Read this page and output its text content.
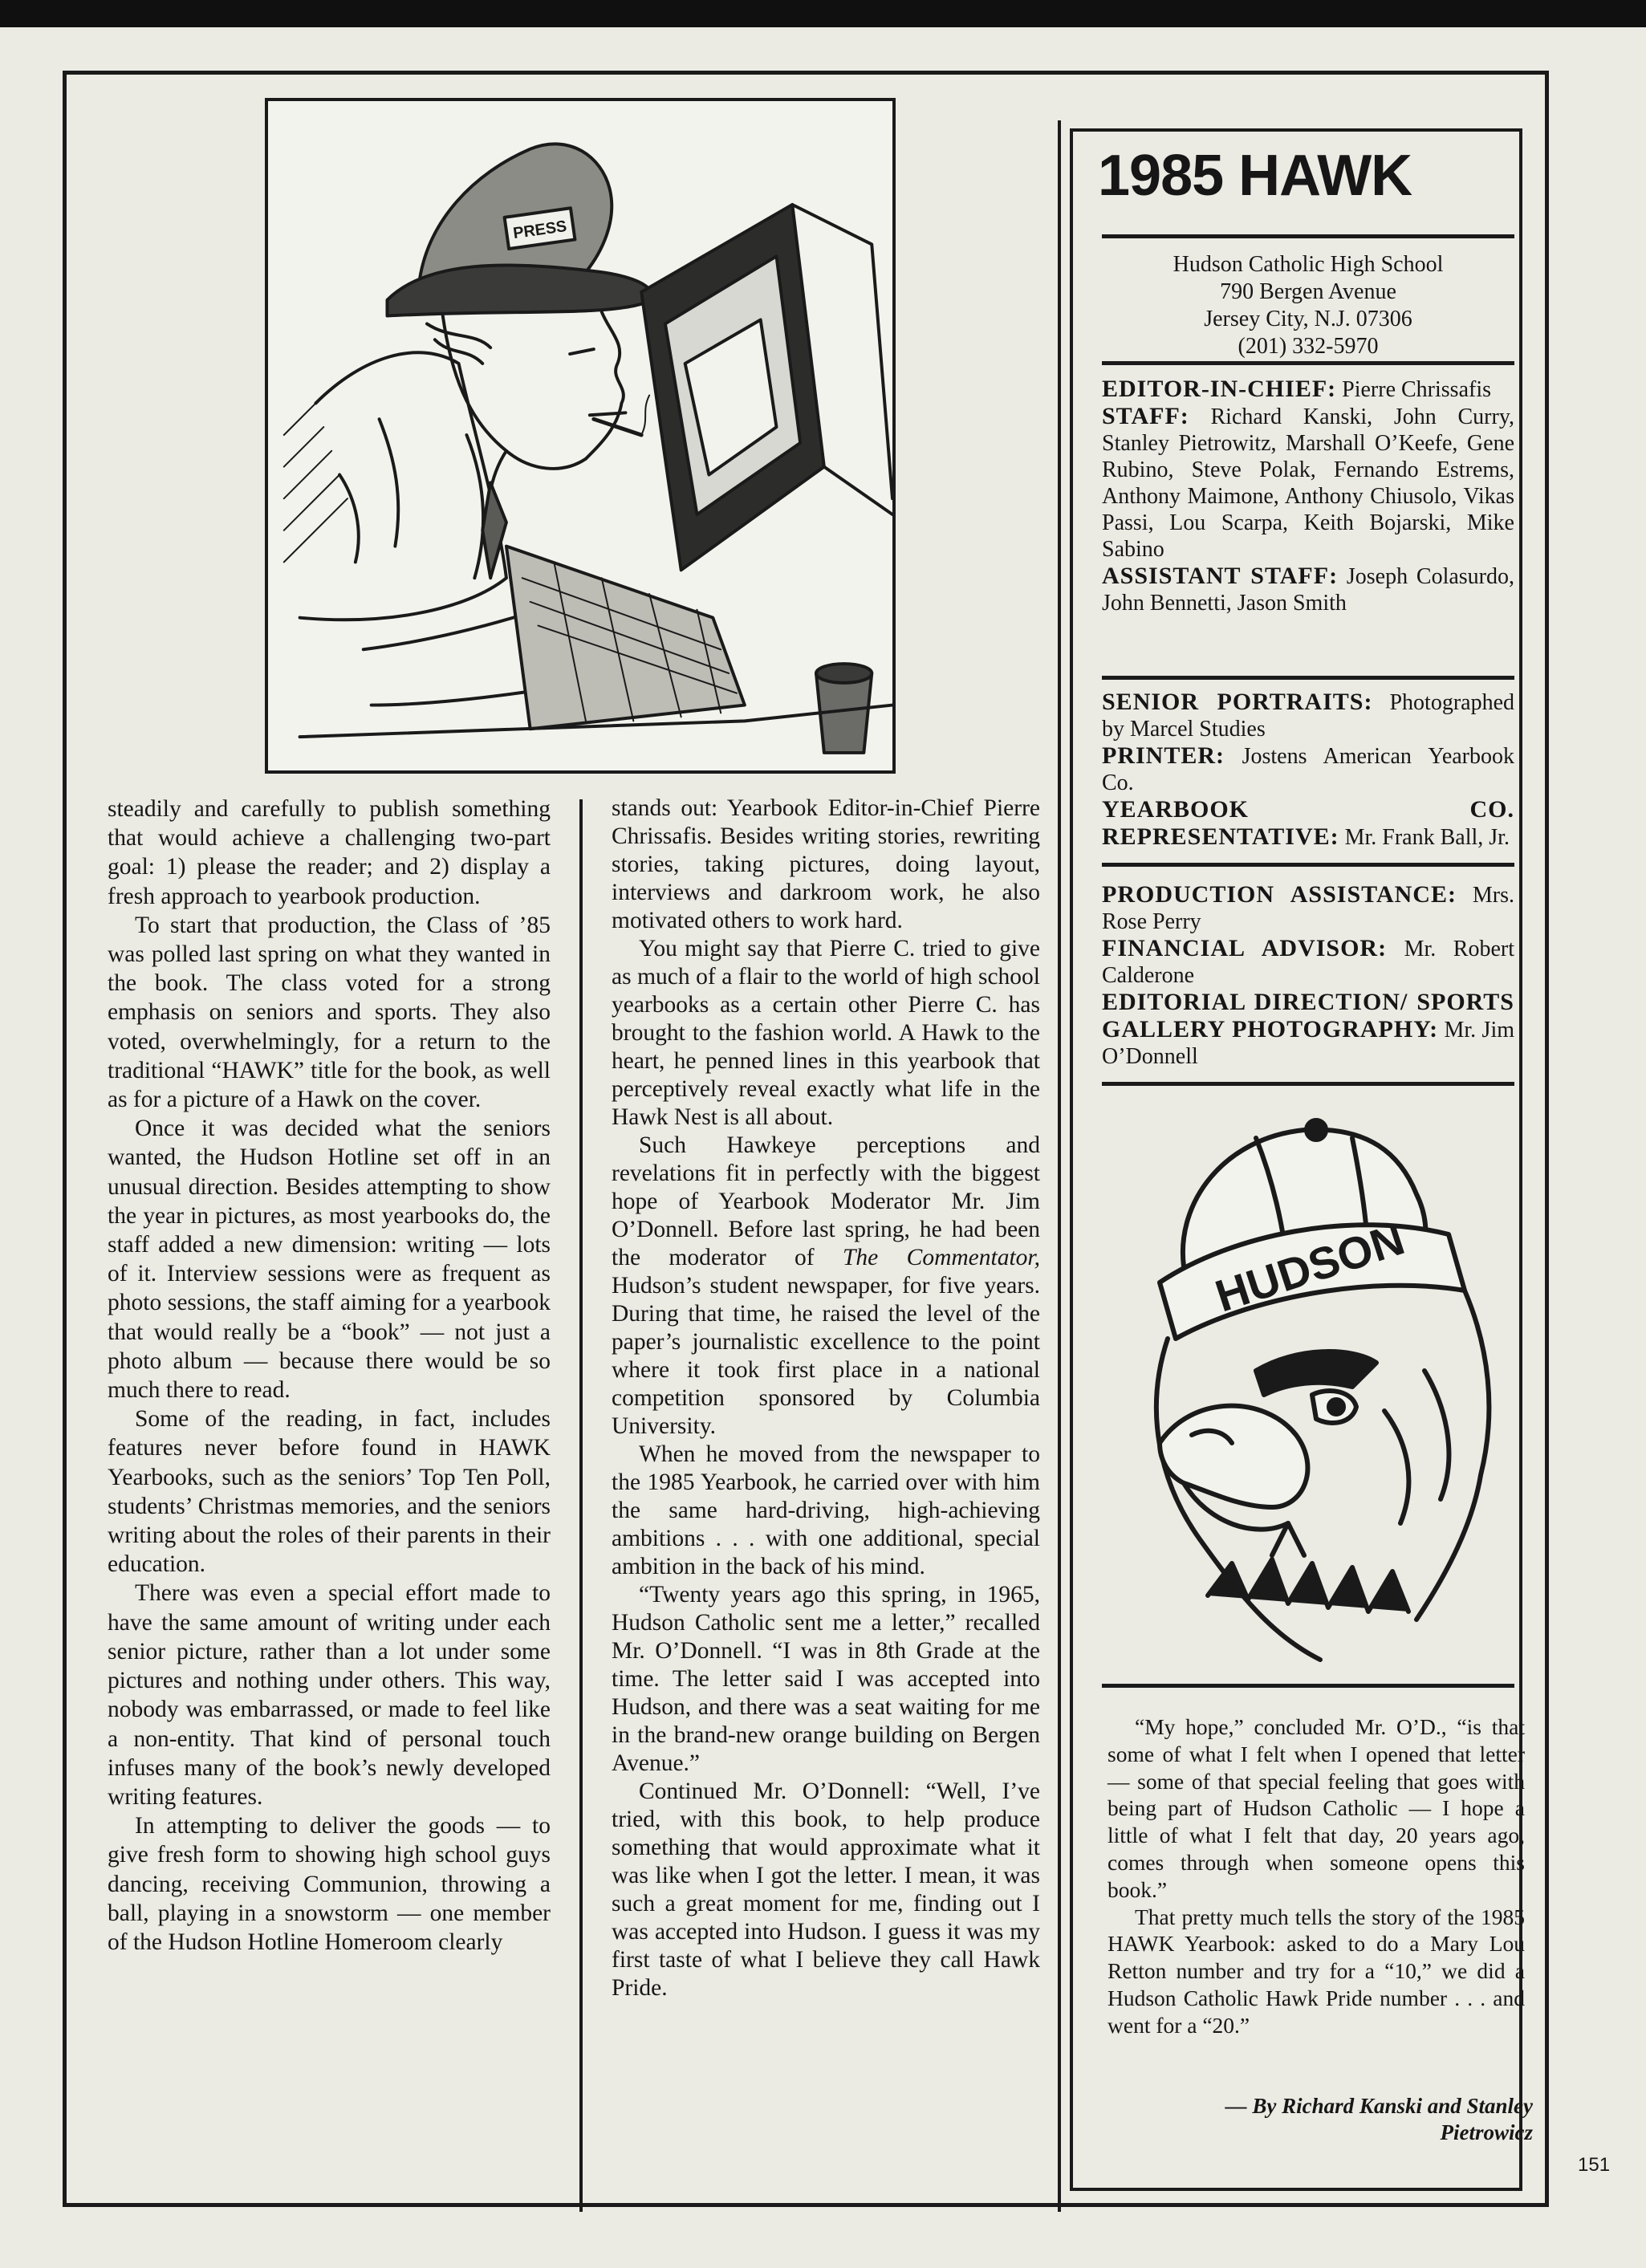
PRESS

steadily and carefully to publish something that would achieve a challenging two-part goal: 1) please the reader; and 2) display a fresh approach to yearbook production.

To start that production, the Class of ’85 was polled last spring on what they wanted in the book. The class voted for a strong emphasis on seniors and sports. They also voted, overwhelmingly, for a return to the traditional “HAWK” title for the book, as well as for a picture of a Hawk on the cover.

Once it was decided what the seniors wanted, the Hudson Hotline set off in an unusual direction. Besides attempting to show the year in pictures, as most yearbooks do, the staff added a new dimension: writing — lots of it. Interview sessions were as frequent as photo sessions, the staff aiming for a yearbook that would really be a “book” — not just a photo album — because there would be so much there to read.

Some of the reading, in fact, includes features never before found in HAWK Yearbooks, such as the seniors’ Top Ten Poll, students’ Christmas memories, and the seniors writing about the roles of their parents in their education.

There was even a special effort made to have the same amount of writing under each senior picture, rather than a lot under some pictures and nothing under others. This way, nobody was embarrassed, or made to feel like a non-entity. That kind of personal touch infuses many of the book’s newly developed writing features.

In attempting to deliver the goods — to give fresh form to showing high school guys dancing, receiving Communion, throwing a ball, playing in a snowstorm — one member of the Hudson Hotline Homeroom clearly

stands out: Yearbook Editor-in-Chief Pierre Chrissafis. Besides writing stories, rewriting stories, taking pictures, doing layout, interviews and darkroom work, he also motivated others to work hard.

You might say that Pierre C. tried to give as much of a flair to the world of high school yearbooks as a certain other Pierre C. has brought to the fashion world. A Hawk to the heart, he penned lines in this yearbook that perceptively reveal exactly what life in the Hawk Nest is all about.

Such Hawkeye perceptions and revelations fit in perfectly with the biggest hope of Yearbook Moderator Mr. Jim O’Donnell. Before last spring, he had been the moderator of The Commentator, Hudson’s student newspaper, for five years. During that time, he raised the level of the paper’s journalistic excellence to the point where it took first place in a national competition sponsored by Columbia University.

When he moved from the newspaper to the 1985 Yearbook, he carried over with him the same hard-driving, high-achieving ambitions . . . with one additional, special ambition in the back of his mind.

“Twenty years ago this spring, in 1965, Hudson Catholic sent me a letter,” recalled Mr. O’Donnell. “I was in 8th Grade at the time. The letter said I was accepted into Hudson, and there was a seat waiting for me in the brand-new orange building on Bergen Avenue.”

Continued Mr. O’Donnell: “Well, I’ve tried, with this book, to help produce something that would approximate what it was like when I got the letter. I mean, it was such a great moment for me, finding out I was accepted into Hudson. I guess it was my first taste of what I believe they call Hawk Pride.

1985 HAWK
Hudson Catholic High School
790 Bergen Avenue
Jersey City, N.J. 07306
(201) 332-5970

EDITOR-IN-CHIEF: Pierre Chrissafis

STAFF: Richard Kanski, John Curry, Stanley Pietrowitz, Marshall O’Keefe, Gene Rubino, Steve Polak, Fernando Estrems, Anthony Maimone, Anthony Chiusolo, Vikas Passi, Lou Scarpa, Keith Bojarski, Mike Sabino

ASSISTANT STAFF: Joseph Colasurdo, John Bennetti, Jason Smith

SENIOR PORTRAITS: Photographed by Marcel Studies

PRINTER: Jostens American Yearbook Co.

YEARBOOK CO. REPRESENTATIVE: Mr. Frank Ball, Jr.

PRODUCTION ASSISTANCE: Mrs. Rose Perry

FINANCIAL ADVISOR: Mr. Robert Calderone

EDITORIAL DIRECTION/ SPORTS GALLERY PHOTOGRAPHY: Mr. Jim O’Donnell

HUDSON

“My hope,” concluded Mr. O’D., “is that some of what I felt when I opened that letter — some of that special feeling that goes with being part of Hudson Catholic — I hope a little of what I felt that day, 20 years ago, comes through when someone opens this book.”

That pretty much tells the story of the 1985 HAWK Yearbook: asked to do a Mary Lou Retton number and try for a “10,” we did a Hudson Catholic Hawk Pride number . . . and went for a “20.”

— By Richard Kanski and Stanley Pietrowicz
151
